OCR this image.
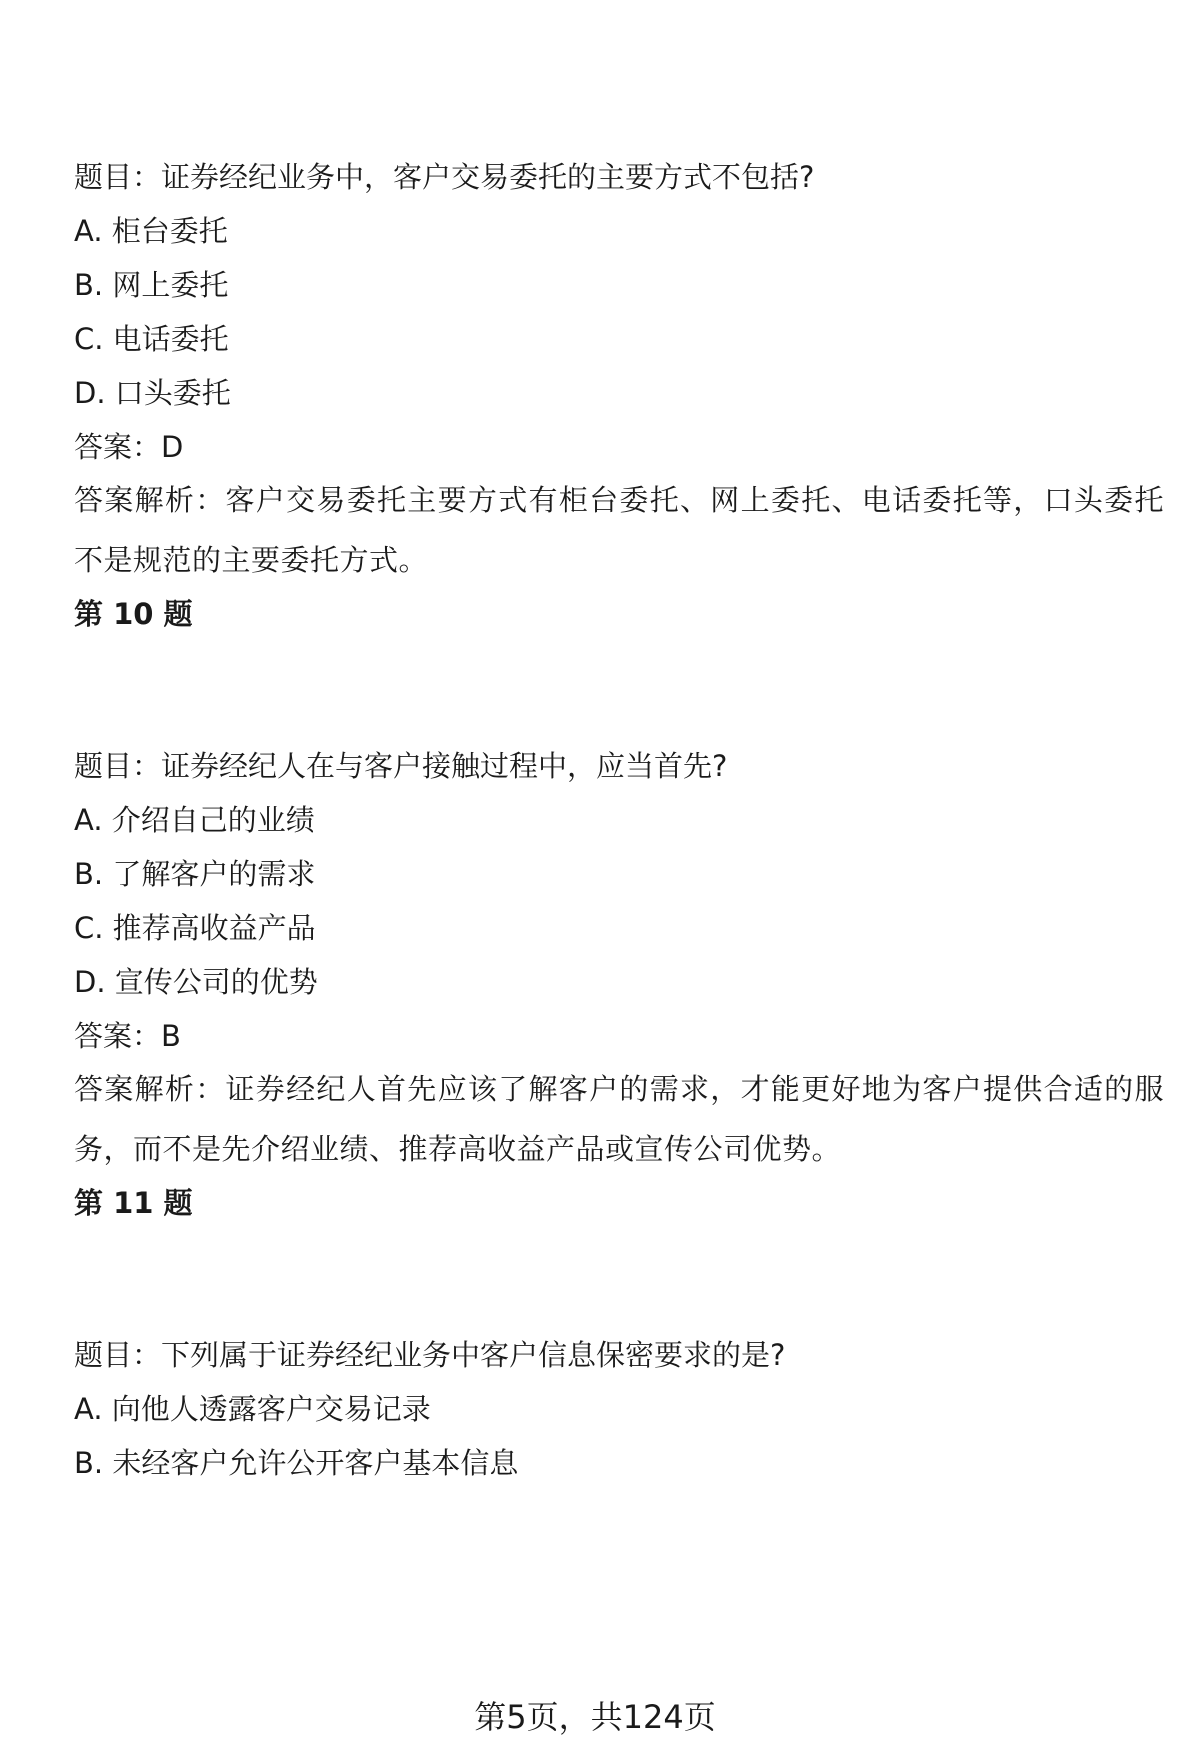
题目：证券经纪业务中，客户交易委托的主要方式不包括?
A. 柜台委托
B. 网上委托
C. 电话委托
D. 口头委托
答案：D
答案解析：客户交易委托主要方式有柜台委托、网上委托、电话委托等，口头委托不是规范的主要委托方式。
第 10 题
题目：证券经纪人在与客户接触过程中，应当首先?
A. 介绍自己的业绩
B. 了解客户的需求
C. 推荐高收益产品
D. 宣传公司的优势
答案：B
答案解析：证券经纪人首先应该了解客户的需求，才能更好地为客户提供合适的服务，而不是先介绍业绩、推荐高收益产品或宣传公司优势。
第 11 题
题目：下列属于证券经纪业务中客户信息保密要求的是?
A. 向他人透露客户交易记录
B. 未经客户允许公开客户基本信息
第5页，共124页
